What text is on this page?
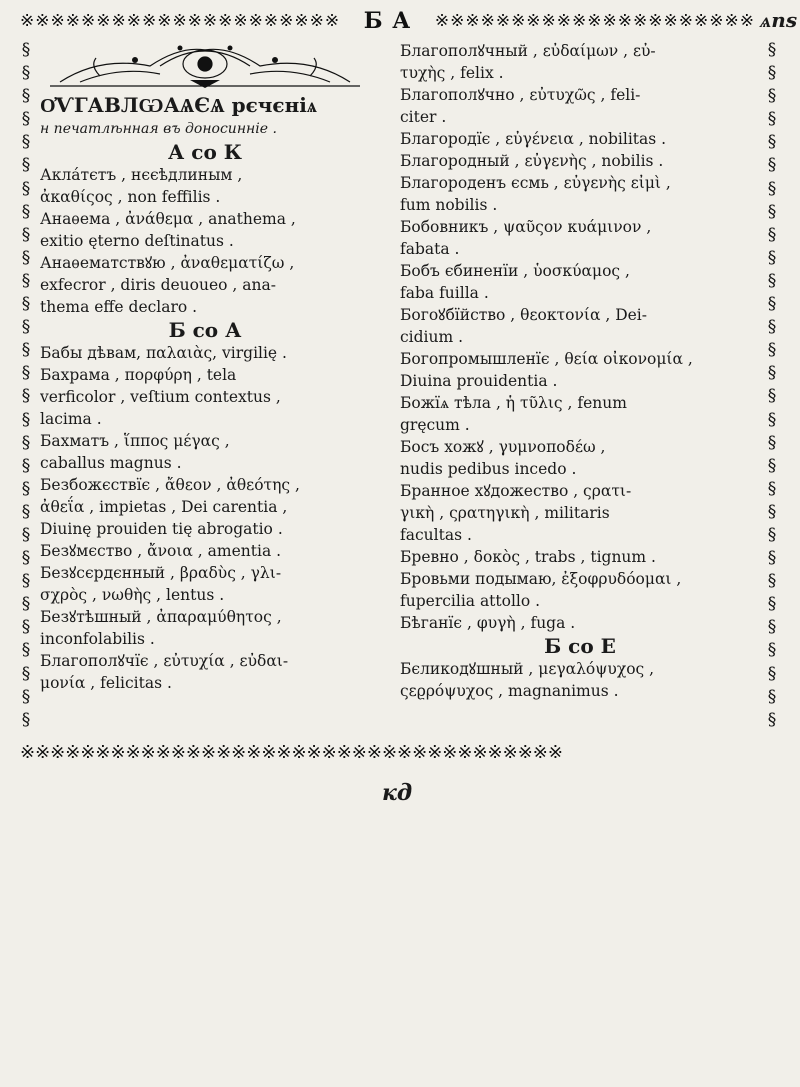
※※※※※※※※※※※※※※※※※※※※※ Б А ※※※※※※※※※※※※※※※※※※※※※ ѧпѕ
§
§
§
§
§
§
§
§
§
§
§
§
§
§
§
§
§
§
§
§
§
§
§
§
§
§
§
§
§
§
§
§
§
§
§
§
§
§
§
§
§
§
§
§
§
§
§
§
§
§
§
§
§
§
§
§
§
§
§
§
О҆ѴГАВЛѠАѦЄѦ рєчєніѧ
н печатлѣнная въ доносинніе .
А со К
Акла́тєтъ , нєєѣдлиным ,
ἀκαθίςος , non feffilis .
Анаѳема , ἀνάθεμα , anathema ,
exitio ęterno deſtinatus .
Анаѳематствꙋю , ἀναθεματίζω ,
exfecror , diris deuoueo , ana-
thema effe declaro .
Б со А
Бабы дѣвам, παλαιὰς, virgilię .
Бахрама , πορφύρη , tela
verficolor , veſtium contextus ,
lacima .
Бахматъ , ἵππος μέγας ,
caballus magnus .
Безбожєствїє , ἄθεον , ἀθεότης ,
ἀθεΐα , impietas , Dei carentia ,
Diuinę prouiden tię abrogatio .
Безꙋмєство , ἄνοια , amentia .
Безꙋсєрдєнный , βραδὺς , γλι-
σχρὸς , νωθὴς , lentus .
Безꙋтѣшный , ἀπαραμύθητος ,
inconfolabilis .
Благополꙋчїє , εὐτυχία , εὐδαι-
μονία , felicitas .
Благополꙋчный , εὐδαίμων , εὐ-
τυχὴς , felix .
Благополꙋчно , εὐτυχῶς , feli-
citer .
Благородїє , εὐγένεια , nobilitas .
Благородный , εὐγενὴς , nobilis .
Благороденъ єсмь , εὐγενὴς εἰμὶ ,
fum nobilis .
Бобовникъ , ψαῦςον κυάμινον ,
fabata .
Бобъ єбиненїи , ὑοσκύαμος ,
faba fuilla .
Богоꙋбїйство , θεοκτονία , Dei-
cidium .
Богопромышленїє , θεία οἰκονομία ,
Diuina prouidentia .
Божїѧ тѣла , ἡ τῦλις , fenum
gręcum .
Босъ хожꙋ , γυμνοποδέω ,
nudis pedibus incedo .
Бранное хꙋдожество , ςρατι-
γικὴ , ςρατηγικὴ , militaris
facultas .
Бревно , δοκὸς , trabs , tignum .
Бровьми подымаю, ἐξοφρυδόομαι ,
fupercilia attollo .
Бѣганїє , φυγὴ , fuga .
Б со Е
Бєликодꙋшный , μεγαλόψυχος ,
ςεϱρόψυχος , magnanimus .
※※※※※※※※※※※※※※※※※※※※※※※※※※※※※※※※※※※※
кд
